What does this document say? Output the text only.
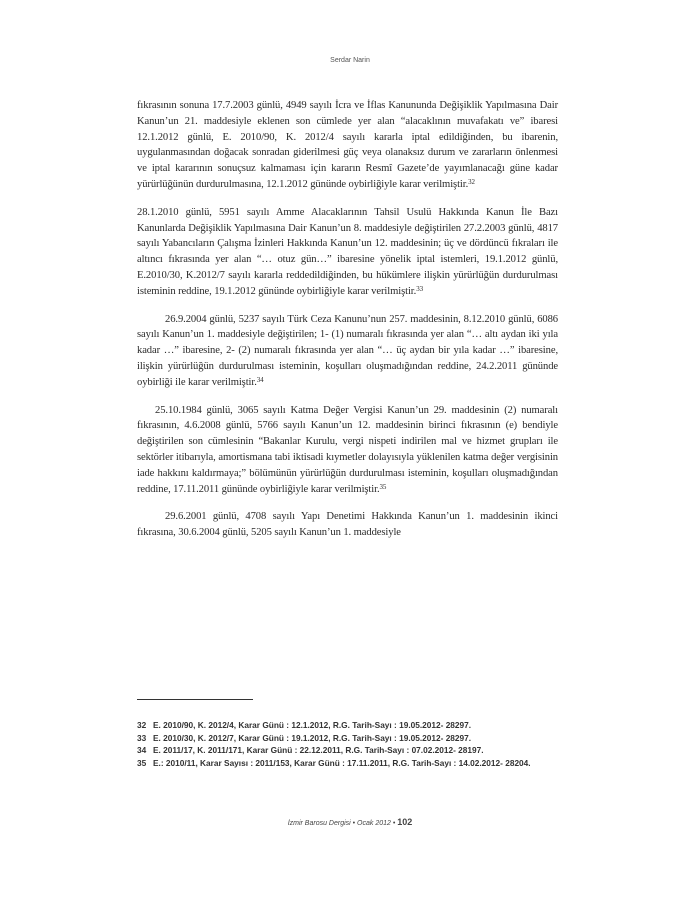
Serdar Narin

fıkrasının sonuna 17.7.2003 günlü, 4949 sayılı İcra ve İflas Kanununda Değişiklik Yapılmasına Dair Kanun’un 21. maddesiyle eklenen son cümlede yer alan “alacaklının muvafakatı ve” ibaresi 12.1.2012 günlü, E. 2010/90, K. 2012/4 sayılı kararla iptal edildiğinden, bu ibarenin, uygulanmasından doğacak sonradan giderilmesi güç veya olanaksız durum ve zararların önlenmesi ve iptal kararının sonuçsuz kalmaması için kararın Resmî Gazete’de yayımlanacağı güne kadar yürürlüğünün durdurulmasına, 12.1.2012 gününde oybirliğiyle karar verilmiştir.$^{32}$

28.1.2010 günlü, 5951 sayılı Amme Alacaklarının Tahsil Usulü Hakkında Kanun İle Bazı Kanunlarda Değişiklik Yapılmasına Dair Kanun’un 8. maddesiyle değiştirilen 27.2.2003 günlü, 4817 sayılı Yabancıların Çalışma İzinleri Hakkında Kanun’un 12. maddesinin; üç ve dördüncü fıkraları ile altıncı fıkrasında yer alan “… otuz gün…” ibaresine yönelik iptal istemleri, 19.1.2012 günlü, E.2010/30, K.2012/7 sayılı kararla reddedildiğinden, bu hükümlere ilişkin yürürlüğün durdurulması isteminin reddine, 19.1.2012 gününde oybirliğiyle karar verilmiştir.$^{33}$

26.9.2004 günlü, 5237 sayılı Türk Ceza Kanunu’nun 257. maddesinin, 8.12.2010 günlü, 6086 sayılı Kanun’un 1. maddesiyle değiştirilen; 1- (1) numaralı fıkrasında yer alan “… altı aydan iki yıla kadar …” ibaresine, 2- (2) numaralı fıkrasında yer alan “… üç aydan bir yıla kadar …” ibaresine, ilişkin yürürlüğün durdurulması isteminin, koşulları oluşmadığından reddine, 24.2.2011 gününde oybirliği ile karar verilmiştir.$^{34}$

25.10.1984 günlü, 3065 sayılı Katma Değer Vergisi Kanun’un 29. maddesinin (2) numaralı fıkrasının, 4.6.2008 günlü, 5766 sayılı Kanun’un 12. maddesinin birinci fıkrasının (e) bendiyle değiştirilen son cümlesinin “Bakanlar Kurulu, vergi nispeti indirilen mal ve hizmet grupları ile sektörler itibarıyla, amortismana tabi iktisadi kıymetler dolayısıyla yüklenilen katma değer vergisinin iade hakkını kaldırmaya;” bölümünün yürürlüğün durdurulması isteminin, koşulları oluşmadığından reddine, 17.11.2011 gününde oybirliğiyle karar verilmiştir.$^{35}$

29.6.2001 günlü, 4708 sayılı Yapı Denetimi Hakkında Kanun’un 1. maddesinin ikinci fıkrasına, 30.6.2004 günlü, 5205 sayılı Kanun’un 1. maddesiyle

32 E. 2010/90, K. 2012/4, Karar Günü : 12.1.2012, R.G. Tarih-Sayı : 19.05.2012- 28297.
33 E. 2010/30, K. 2012/7, Karar Günü : 19.1.2012, R.G. Tarih-Sayı : 19.05.2012- 28297.
34 E. 2011/17, K. 2011/171, Karar Günü : 22.12.2011, R.G. Tarih-Sayı : 07.02.2012- 28197.
35 E.: 2010/11, Karar Sayısı : 2011/153, Karar Günü : 17.11.2011, R.G. Tarih-Sayı : 14.02.2012- 28204.
İzmir Barosu Dergisi • Ocak 2012 • 102
